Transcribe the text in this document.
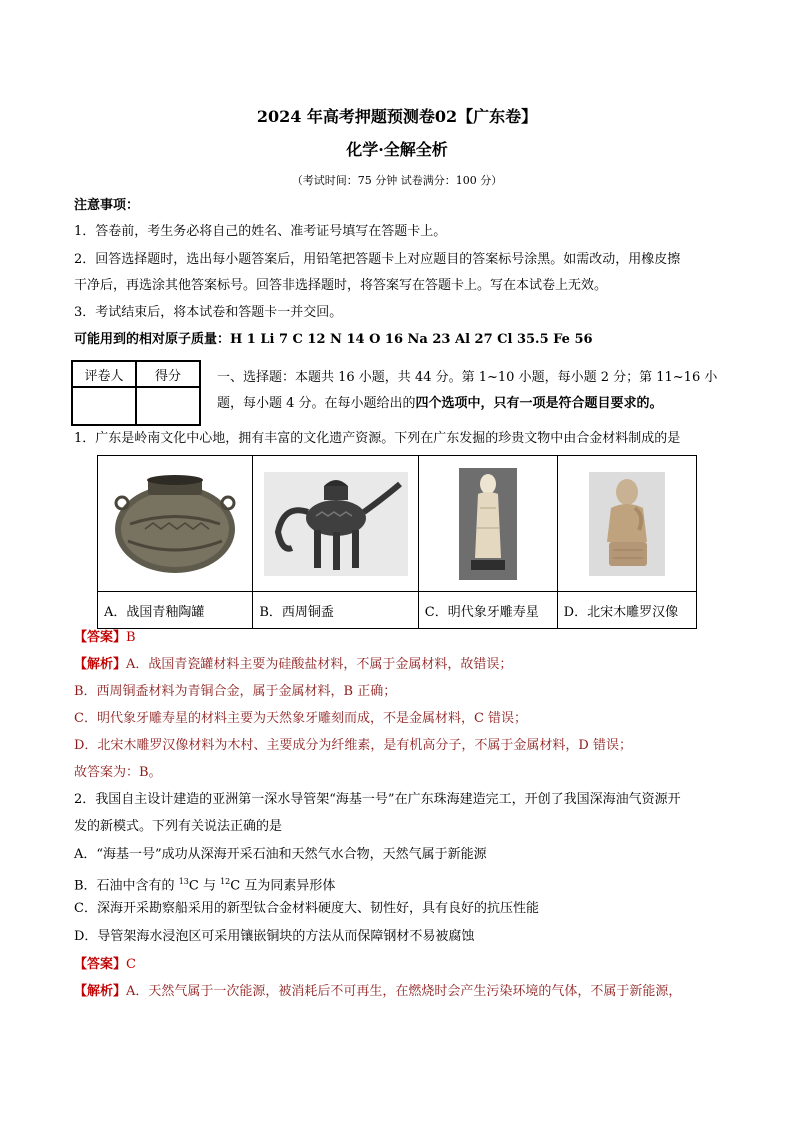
2024 年高考押题预测卷02【广东卷】
化学·全解全析
（考试时间：75 分钟 试卷满分：100 分）
注意事项：
1．答卷前，考生务必将自己的姓名、准考证号填写在答题卡上。
2．回答选择题时，选出每小题答案后，用铅笔把答题卡上对应题目的答案标号涂黑。如需改动，用橡皮擦
干净后，再选涂其他答案标号。回答非选择题时，将答案写在答题卡上。写在本试卷上无效。
3．考试结束后，将本试卷和答题卡一并交回。
可能用到的相对原子质量：H 1 Li 7 C 12 N 14 O 16 Na 23 Al 27 Cl 35.5 Fe 56
评卷人	得分
		一、选择题：本题共 16 小题，共 44 分。第 1~10 小题，每小题 2 分；第 11~16 小
题，每小题 4 分。在每小题给出的四个选项中，只有一项是符合题目要求的。
1．广东是岭南文化中心地，拥有丰富的文化遗产资源。下列在广东发掘的珍贵文物中由合金材料制成的是

A．战国青釉陶罐	B．西周铜盉	C．明代象牙雕寿星	D．北宋木雕罗汉像
【答案】B
【解析】A．战国青瓷罐材料主要为硅酸盐材料，不属于金属材料，故错误；
B．西周铜盉材料为青铜合金，属于金属材料，B 正确；
C．明代象牙雕寿星的材料主要为天然象牙雕刻而成，不是金属材料，C 错误；
D．北宋木雕罗汉像材料为木村、主要成分为纤维素，是有机高分子，不属于金属材料，D 错误；
故答案为：B。
2．我国自主设计建造的亚洲第一深水导管架“海基一号”在广东珠海建造完工，开创了我国深海油气资源开
发的新模式。下列有关说法正确的是
A．“海基一号”成功从深海开采石油和天然气水合物，天然气属于新能源
B．石油中含有的 $^{13}$C 与 $^{12}$C 互为同素异形体
C．深海开采勘察船采用的新型钛合金材料硬度大、韧性好，具有良好的抗压性能
D．导管架海水浸泡区可采用镶嵌铜块的方法从而保障钢材不易被腐蚀
【答案】C
【解析】A．天然气属于一次能源，被消耗后不可再生，在燃烧时会产生污染环境的气体，不属于新能源，
